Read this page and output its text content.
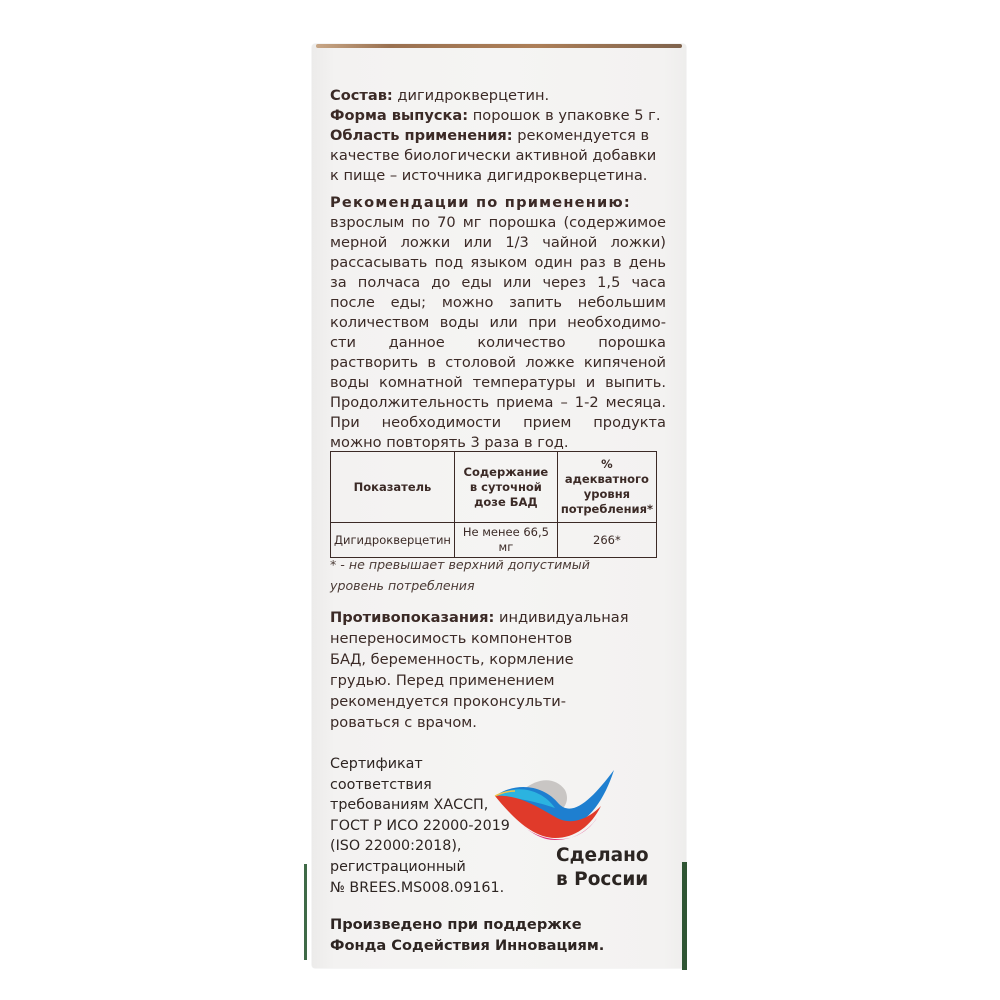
Состав: дигидрокверцетин.

Форма выпуска: порошок в упаковке 5 г.

Область применения: рекомендуется в

качестве биологически активной добавки

к пище – источника дигидрокверцетина.

Рекомендации по применению:

взрослым по 70 мг порошка (содержимое

мерной ложки или 1/3 чайной ложки)

рассасывать под языком один раз в день

за полчаса до еды или через 1,5 часа

после еды; можно запить небольшим

количеством воды или при необходимо-

сти данное количество порошка

растворить в столовой ложке кипяченой

воды комнатной температуры и выпить.

Продолжительность приема – 1-2 месяца.

При необходимости прием продукта

можно повторять 3 раза в год.

Показатель	Содержание в суточной дозе БАД	% адекватного уровня потребления*
Дигидрокверцетин	Не менее 66,5 мг	266*
* - не превышает верхний допустимый
уровень потребления
Противопоказания: индивидуальная
непереносимость компонентов
БАД, беременность, кормление
грудью. Перед применением
рекомендуется проконсульти-
роваться с врачом.
Сертификат
соответствия
требованиям ХАССП,
ГОСТ Р ИСО 22000-2019
(ISO 22000:2018),
регистрационный
№ BREES.MS008.09161.
Сделано
в России
Произведено при поддержке
Фонда Содействия Инновациям.
